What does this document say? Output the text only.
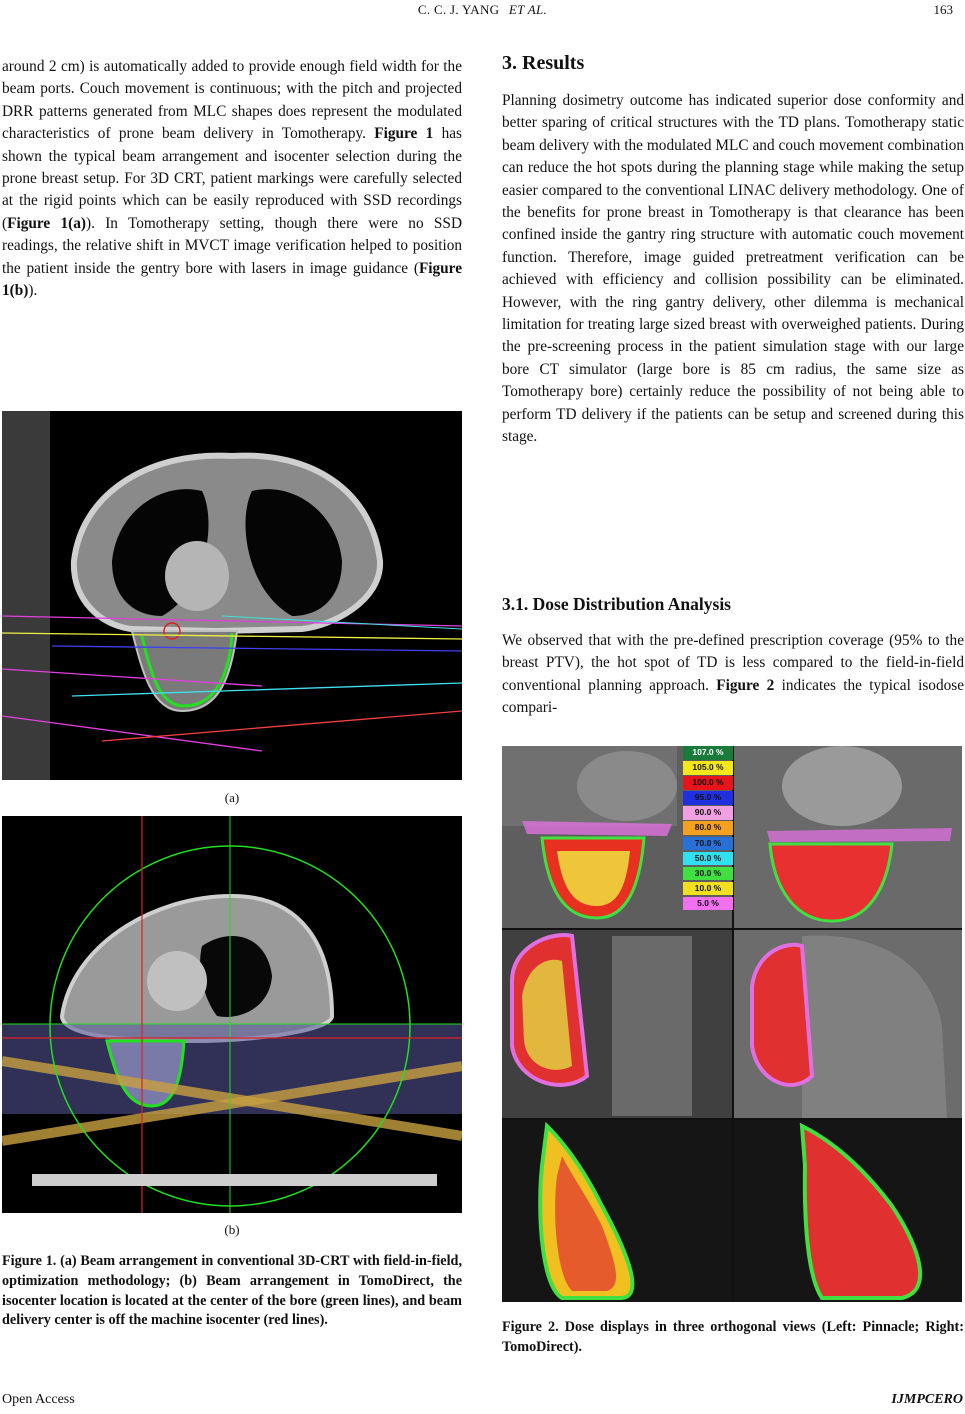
C. C. J. YANG ET AL.	163

around 2 cm) is automatically added to provide enough field width for the beam ports. Couch movement is continuous; with the pitch and projected DRR patterns generated from MLC shapes does represent the modulated characteristics of prone beam delivery in Tomotherapy. Figure 1 has shown the typical beam arrangement and isocenter selection during the prone breast setup. For 3D CRT, patient markings were carefully selected at the rigid points which can be easily reproduced with SSD recordings (Figure 1(a)). In Tomotherapy setting, though there were no SSD readings, the relative shift in MVCT image verification helped to position the patient inside the gentry bore with lasers in image guidance (Figure 1(b)).

(a)
(b)
Figure 1. (a) Beam arrangement in conventional 3D-CRT with field-in-field, optimization methodology; (b) Beam arrangement in TomoDirect, the isocenter location is located at the center of the bore (green lines), and beam delivery center is off the machine isocenter (red lines).
3. Results

Planning dosimetry outcome has indicated superior dose conformity and better sparing of critical structures with the TD plans. Tomotherapy static beam delivery with the modulated MLC and couch movement combination can reduce the hot spots during the planning stage while making the setup easier compared to the conventional LINAC delivery methodology. One of the benefits for prone breast in Tomotherapy is that clearance has been confined inside the gantry ring structure with automatic couch movement function. Therefore, image guided pretreatment verification can be achieved with efficiency and collision possibility can be eliminated. However, with the ring gantry delivery, other dilemma is mechanical limitation for treating large sized breast with overweighed patients. During the pre-screening process in the patient simulation stage with our large bore CT simulator (large bore is 85 cm radius, the same size as Tomotherapy bore) certainly reduce the possibility of not being able to perform TD delivery if the patients can be setup and screened during this stage.

3.1. Dose Distribution Analysis

We observed that with the pre-defined prescription coverage (95% to the breast PTV), the hot spot of TD is less compared to the field-in-field conventional planning approach. Figure 2 indicates the typical isodose compari-

107.0 %
105.0 %
100.0 %
95.0 %
90.0 %
80.0 %
70.0 %
50.0 %
30.0 %
10.0 %
5.0 %
Figure 2. Dose displays in three orthogonal views (Left: Pinnacle; Right: TomoDirect).
Open Access	IJMPCERO
